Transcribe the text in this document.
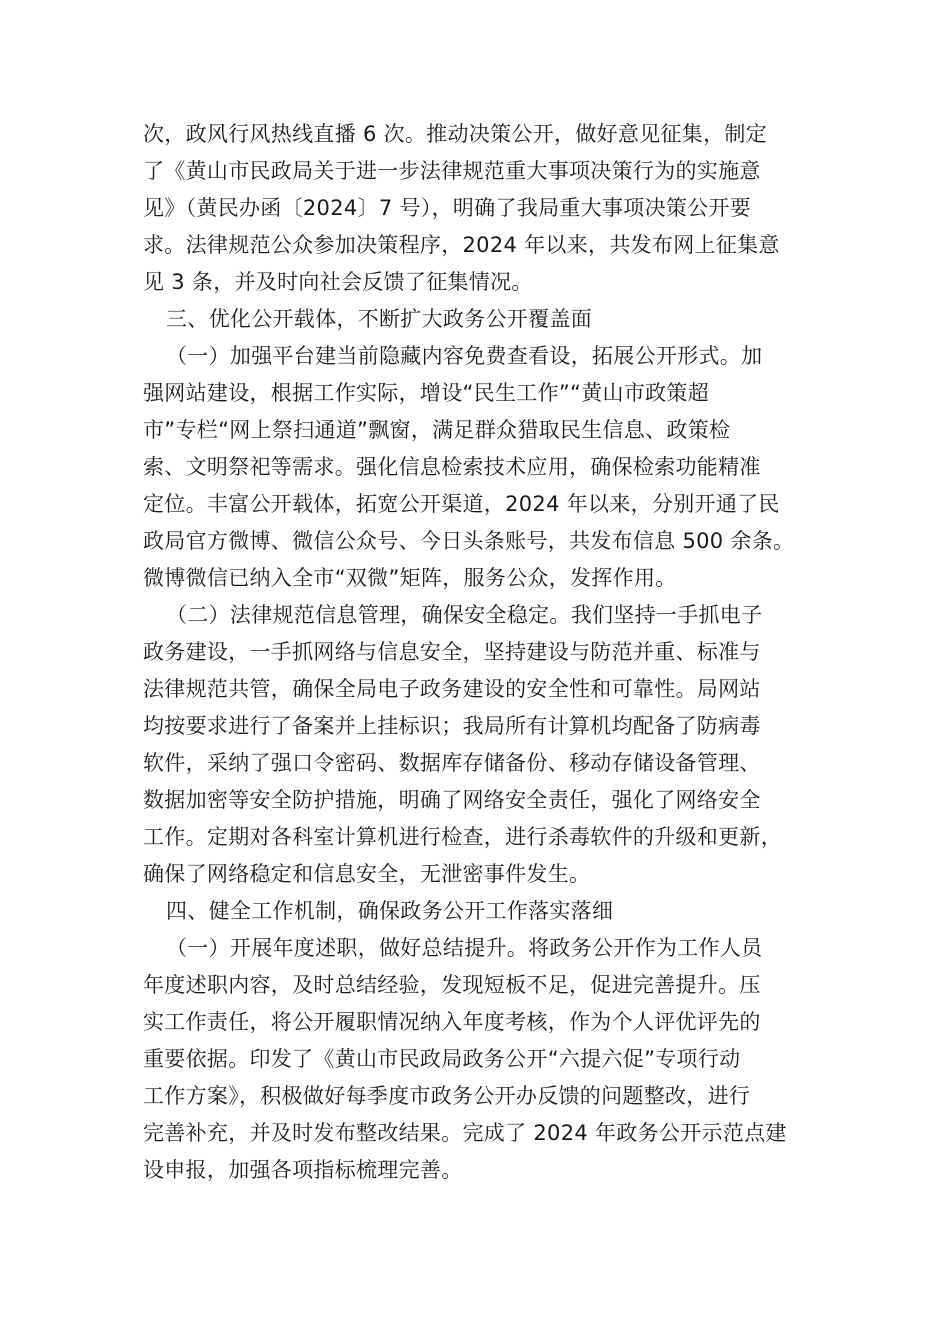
次，政风行风热线直播 6 次。推动决策公开，做好意见征集，制定
了《黄山市民政局关于进一步法律规范重大事项决策行为的实施意
见》（黄民办函〔2024〕7 号），明确了我局重大事项决策公开要
求。法律规范公众参加决策程序，2024 年以来，共发布网上征集意
见 3 条，并及时向社会反馈了征集情况。
三、优化公开载体，不断扩大政务公开覆盖面
（一）加强平台建当前隐藏内容免费查看设，拓展公开形式。加
强网站建设，根据工作实际，增设“民生工作”“黄山市政策超
市”专栏“网上祭扫通道”飘窗，满足群众猎取民生信息、政策检
索、文明祭祀等需求。强化信息检索技术应用，确保检索功能精准
定位。丰富公开载体，拓宽公开渠道，2024 年以来，分别开通了民
政局官方微博、微信公众号、今日头条账号，共发布信息 500 余条。
微博微信已纳入全市“双微”矩阵，服务公众，发挥作用。
（二）法律规范信息管理，确保安全稳定。我们坚持一手抓电子
政务建设，一手抓网络与信息安全，坚持建设与防范并重、标准与
法律规范共管，确保全局电子政务建设的安全性和可靠性。局网站
均按要求进行了备案并上挂标识；我局所有计算机均配备了防病毒
软件，采纳了强口令密码、数据库存储备份、移动存储设备管理、
数据加密等安全防护措施，明确了网络安全责任，强化了网络安全
工作。定期对各科室计算机进行检查，进行杀毒软件的升级和更新，
确保了网络稳定和信息安全，无泄密事件发生。
四、健全工作机制，确保政务公开工作落实落细
（一）开展年度述职，做好总结提升。将政务公开作为工作人员
年度述职内容，及时总结经验，发现短板不足，促进完善提升。压
实工作责任，将公开履职情况纳入年度考核，作为个人评优评先的
重要依据。印发了《黄山市民政局政务公开“六提六促”专项行动
工作方案》，积极做好每季度市政务公开办反馈的问题整改，进行
完善补充，并及时发布整改结果。完成了 2024 年政务公开示范点建
设申报，加强各项指标梳理完善。
